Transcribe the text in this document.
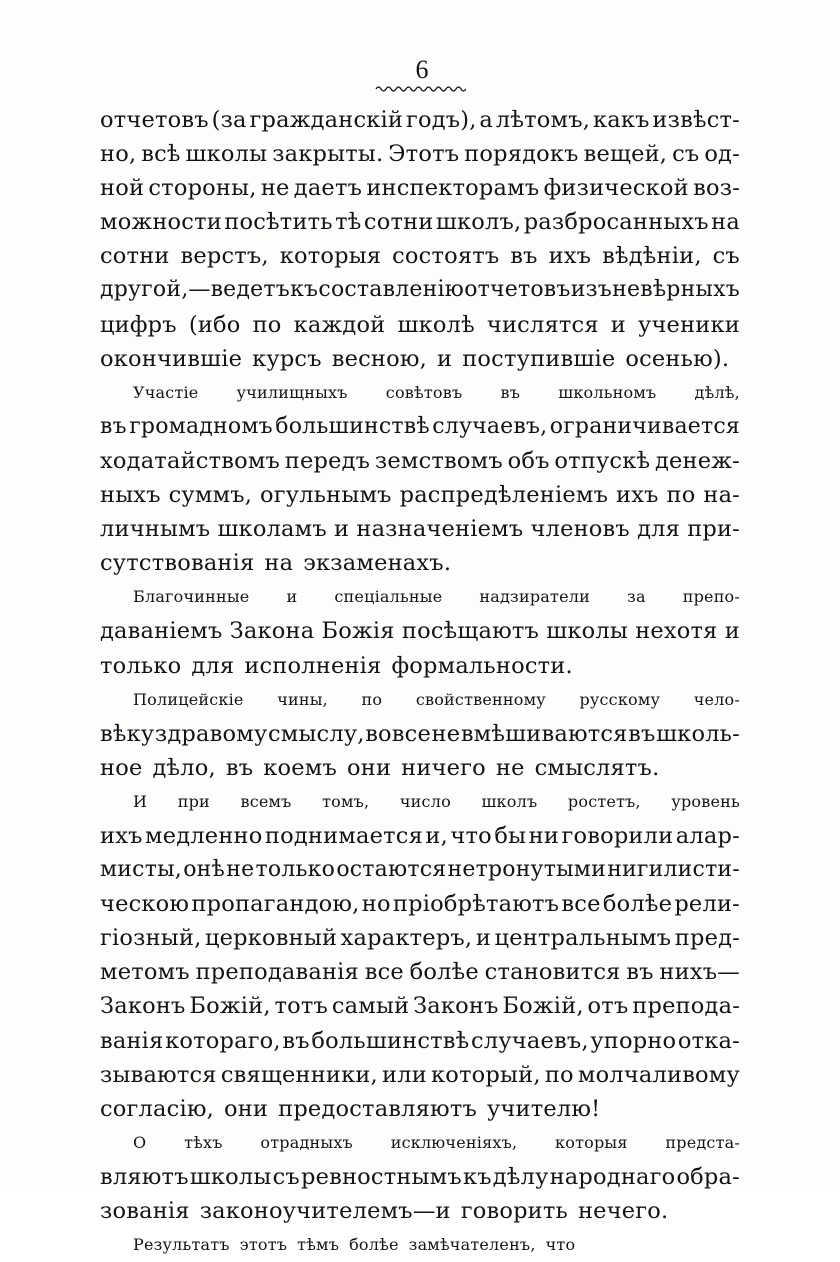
6
отчетовъ (за гражданскій годъ), а лѣтомъ, какъ извѣст-
но, всѣ школы закрыты. Этотъ порядокъ вещей, съ од-
ной стороны, не даетъ инспекторамъ физической воз-
можности посѣтить тѣ сотни школъ, разбросанныхъ на
сотни верстъ, которыя состоятъ въ ихъ вѣдѣніи, съ
другой,—ведетъ къ составленію отчетовъ изъ невѣрныхъ
цифръ (ибо по каждой школѣ числятся и ученики
окончившіе курсъ весною, и поступившіе осенью).
Участіе училищныхъ совѣтовъ въ школьномъ дѣлѣ,
въ громадномъ большинствѣ случаевъ, ограничивается
ходатайствомъ передъ земствомъ объ отпускѣ денеж-
ныхъ суммъ, огульнымъ распредѣленіемъ ихъ по на-
личнымъ школамъ и назначеніемъ членовъ для при-
сутствованія на экзаменахъ.
Благочинные и спеціальные надзиратели за препо-
даваніемъ Закона Божія посѣщаютъ школы нехотя и
только для исполненія формальности.
Полицейскіе чины, по свойственному русскому чело-
вѣку здравому смыслу, вовсе не вмѣшиваются въ школь-
ное дѣло, въ коемъ они ничего не смыслятъ.
И при всемъ томъ, число школъ ростетъ, уровень
ихъ медленно поднимается и, что бы ни говорили алар-
мисты, онѣ не только остаются нетронутыми нигилисти-
ческою пропагандою, но пріобрѣтаютъ все болѣе рели-
гіозный, церковный характеръ, и центральнымъ пред-
метомъ преподаванія все болѣе становится въ нихъ—
Законъ Божій, тотъ самый Законъ Божій, отъ препода-
ванія котораго, въ большинствѣ случаевъ, упорно отка-
зываются священники, или который, по молчаливому
согласію, они предоставляютъ учителю!
О тѣхъ отрадныхъ исключеніяхъ, которыя предста-
вляютъ школы съ ревностнымъ къ дѣлу народнаго обра-
зованія законоучителемъ—и говорить нечего.
Результатъ этотъ тѣмъ болѣе замѣчателенъ, что
